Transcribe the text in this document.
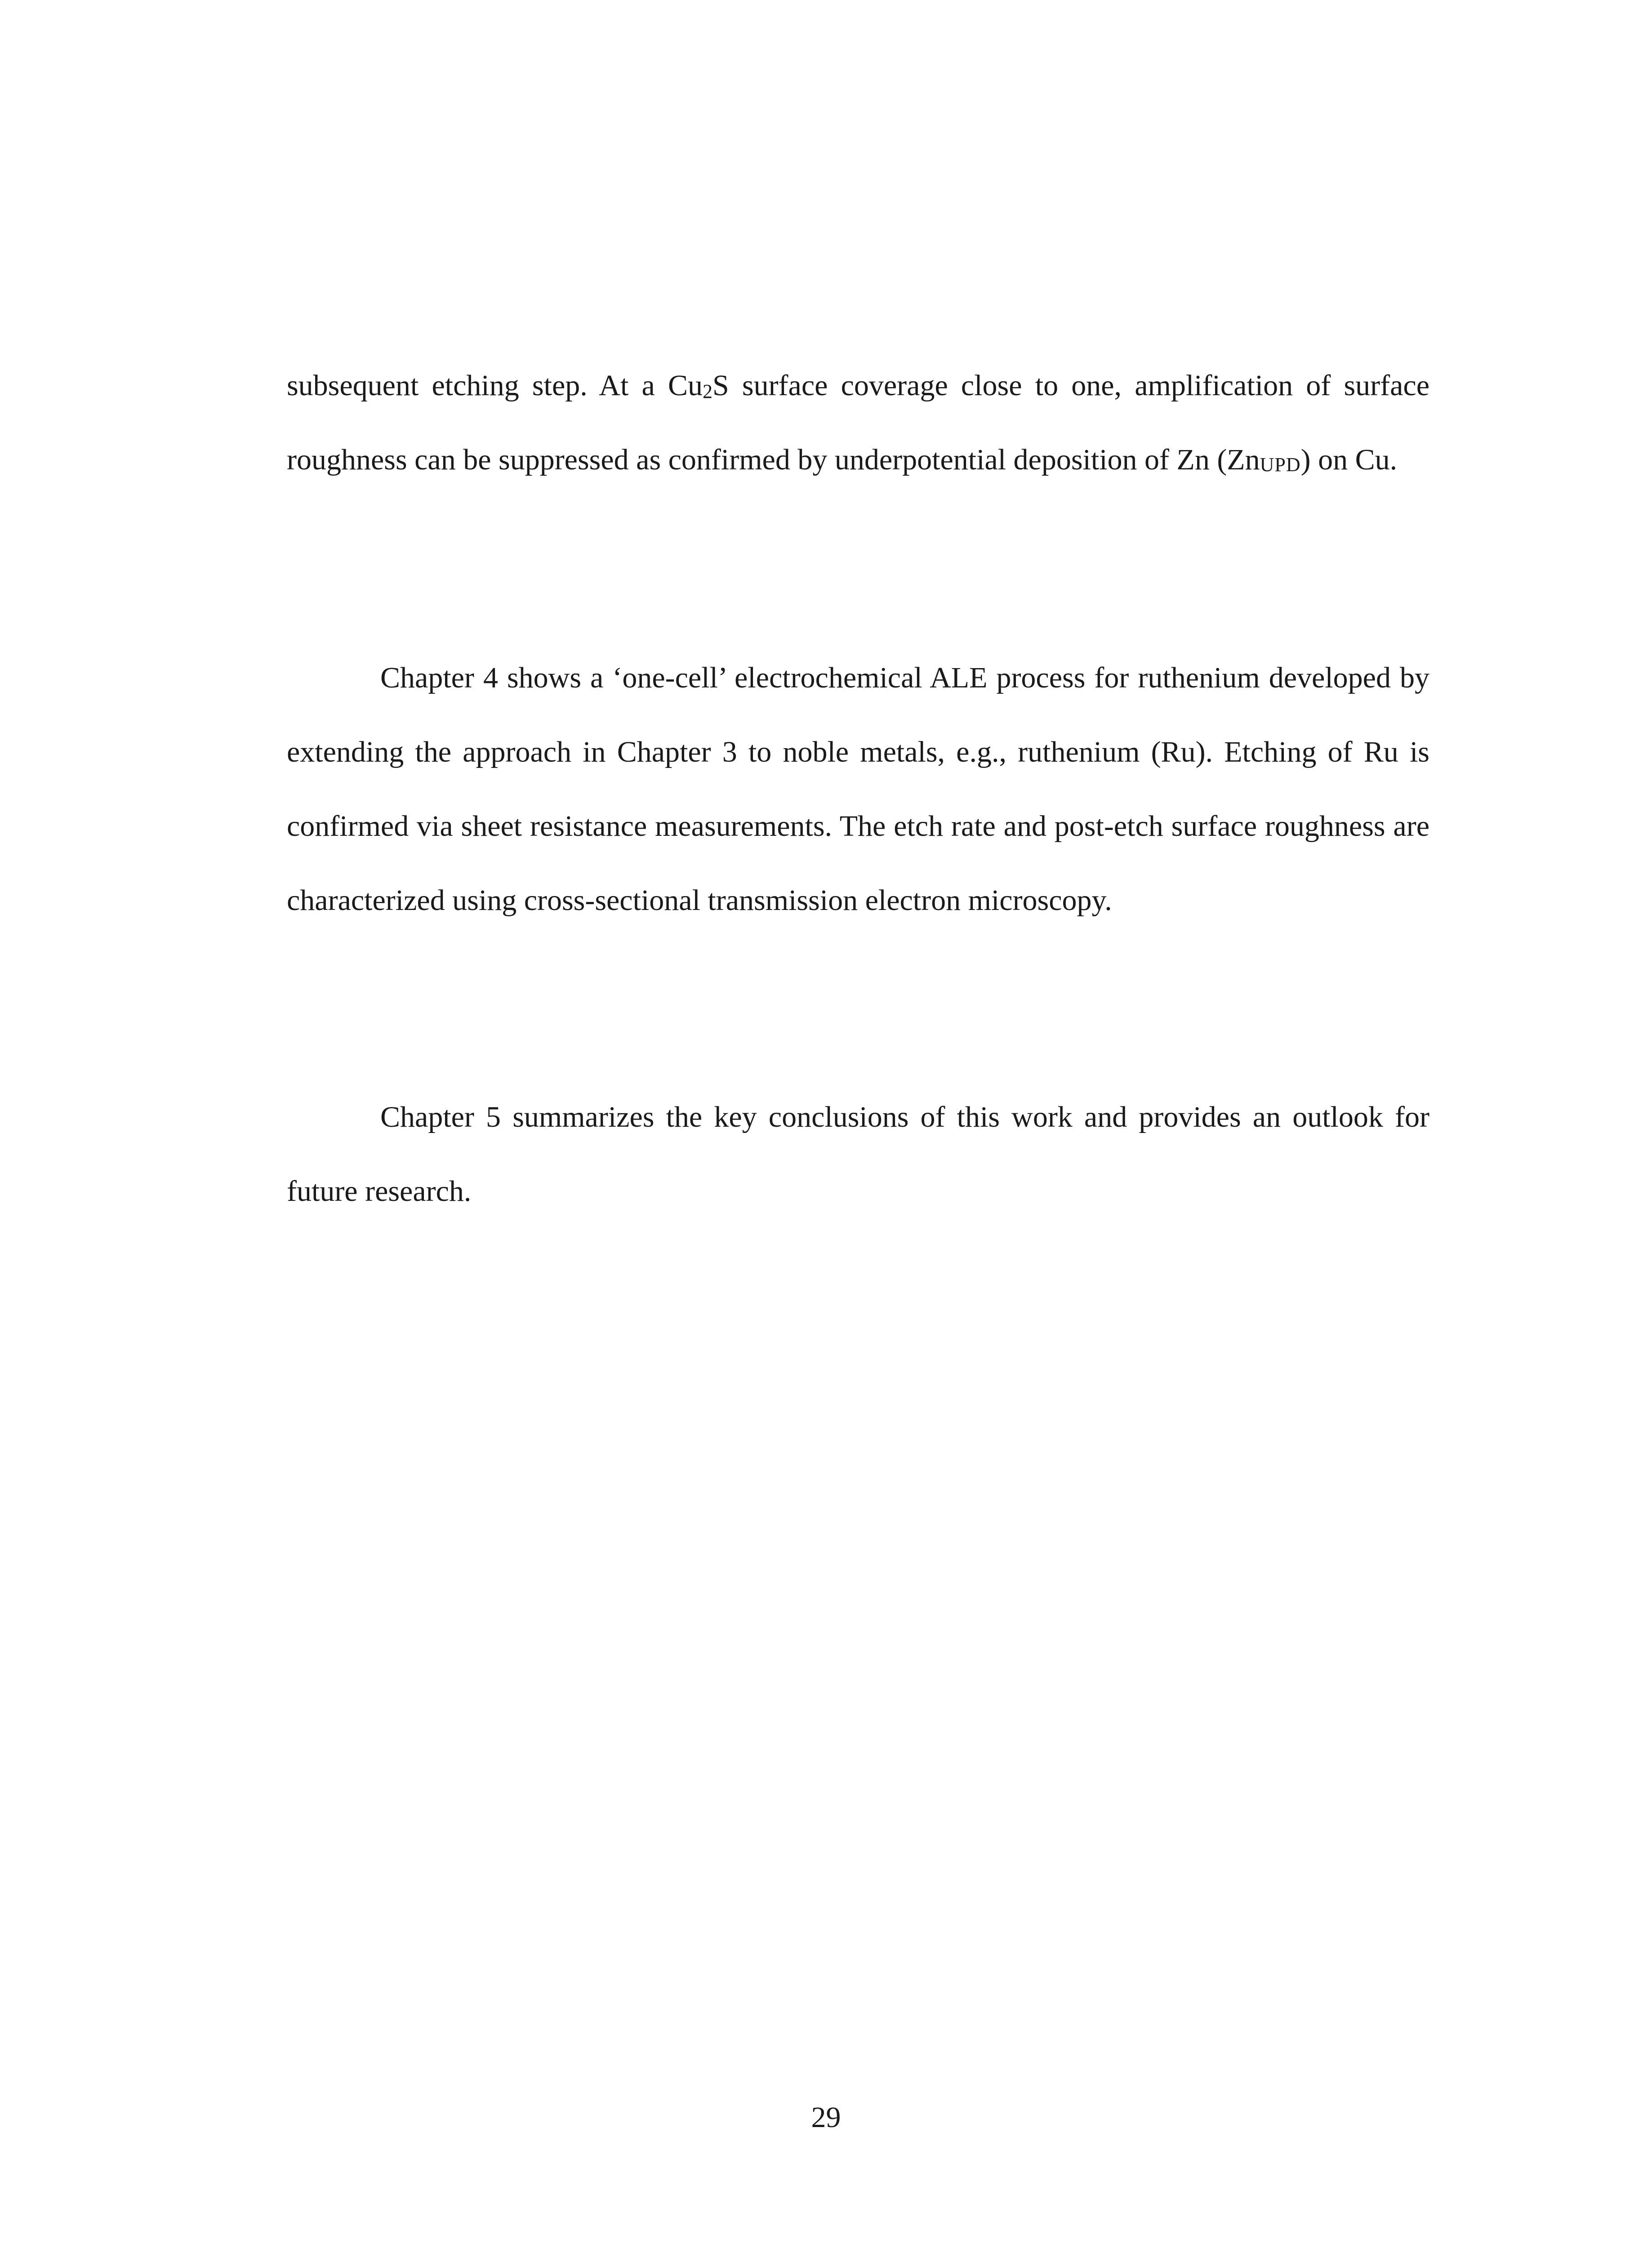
subsequent etching step. At a Cu2S surface coverage close to one, amplification of surface roughness can be suppressed as confirmed by underpotential deposition of Zn (ZnUPD) on Cu.

Chapter 4 shows a ‘one-cell’ electrochemical ALE process for ruthenium developed by extending the approach in Chapter 3 to noble metals, e.g., ruthenium (Ru). Etching of Ru is confirmed via sheet resistance measurements. The etch rate and post-etch surface roughness are characterized using cross-sectional transmission electron microscopy.

Chapter 5 summarizes the key conclusions of this work and provides an outlook for future research.

29
